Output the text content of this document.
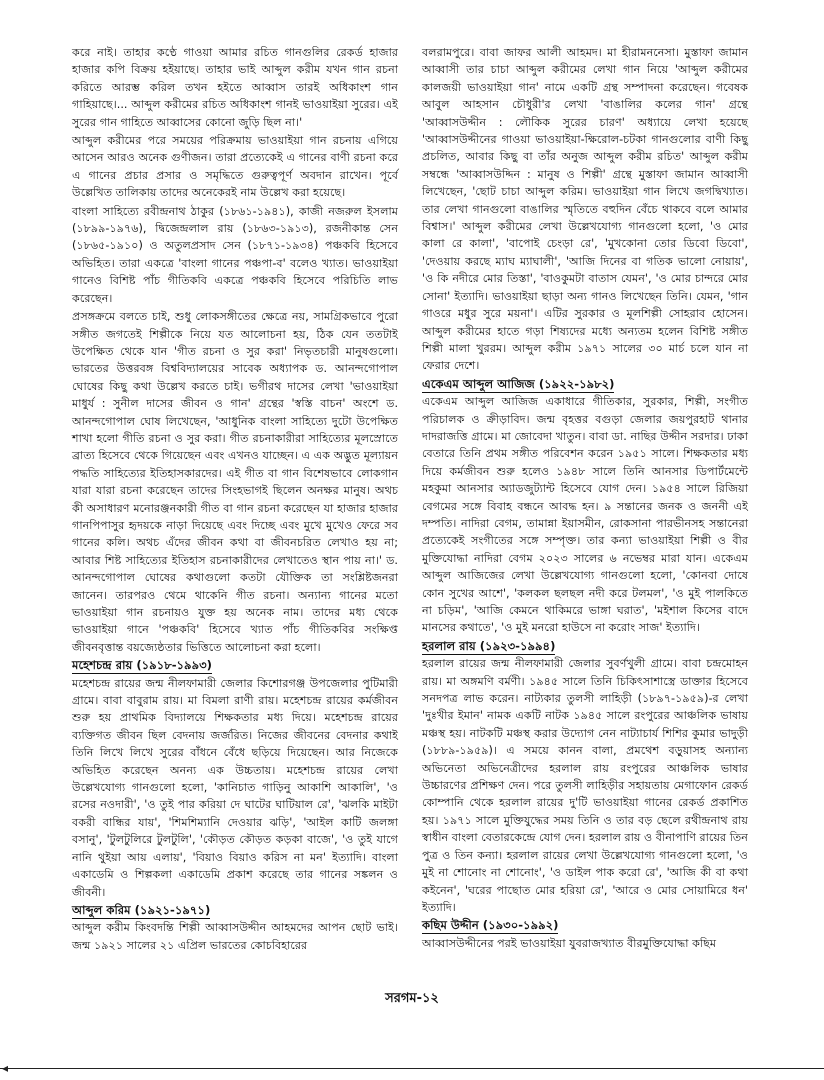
করে নাই। তাহার কণ্ঠে গাওয়া আমার রচিত গানগুলির রেকর্ড হাজার হাজার কপি বিক্রয় হইয়াছে। তাহার ভাই আব্দুল করীম যখন গান রচনা করিতে আরম্ভ করিল তখন হইতে আব্বাস তারই অধিকাংশ গান গাহিয়াছে।... আব্দুল করীমের রচিত অধিকাংশ গানই ভাওয়াইয়া সুরের। এই সুরের গান গাহিতে আব্বাসের কোনো জুড়ি ছিল না।'

আব্দুল করীমের পরে সময়ের পরিক্রমায় ভাওয়াইয়া গান রচনায় এগিয়ে আসেন আরও অনেক গুণীজন। তারা প্রত্যেকেই এ গানের বাণী রচনা করে এ গানের প্রচার প্রসার ও সমৃদ্ধিতে গুরুত্বপূর্ণ অবদান রাখেন। পূর্বে উল্লেখিত তালিকায় তাদের অনেকেরই নাম উল্লেখ করা হয়েছে।

বাংলা সাহিত্যে রবীন্দ্রনাথ ঠাকুর (১৮৬১-১৯৪১), কাজী নজরুল ইসলাম (১৮৯৯-১৯৭৬), দ্বিজেন্দ্রলাল রায় (১৮৬৩-১৯১৩), রজনীকান্ত সেন (১৮৬৫-১৯১০) ও অতুলপ্রসাদ সেন (১৮৭১-১৯৩৪) পঞ্চকবি হিসেবে অভিহিত। তারা একত্রে 'বাংলা গানের পঞ্চপা-ব' বলেও খ্যাত। ভাওয়াইয়া গানেও বিশিষ্ট পাঁচ গীতিকবি একত্রে পঞ্চকবি হিসেবে পরিচিতি লাভ করেছেন।

প্রসঙ্গক্রমে বলতে চাই, শুধু লোকসঙ্গীতের ক্ষেত্রে নয়, সামগ্রিকভাবে পুরো সঙ্গীত জগতেই শিল্পীকে নিয়ে যত আলোচনা হয়, ঠিক যেন ততটাই উপেক্ষিত থেকে যান 'গীত রচনা ও সুর করা' নিভৃতচারী মানুষগুলো। ভারতের উত্তরবঙ্গ বিশ্ববিদ্যালয়ের সাবেক অধ্যাপক ড. আনন্দগোপাল ঘোষের কিছু কথা উল্লেখ করতে চাই। ভগীরথ দাসের লেখা 'ভাওয়াইয়া মাধুর্য : সুনীল দাসের জীবন ও গান' গ্রন্থের 'স্বস্তি বাচন' অংশে ড. আনন্দগোপাল ঘোষ লিখেছেন, 'আধুনিক বাংলা সাহিত্যে দুটো উপেক্ষিত শাখা হলো গীতি রচনা ও সুর করা। গীত রচনাকারীরা সাহিত্যের মূলস্রোতে ব্রাত্য হিসেবে থেকে গিয়েছেন এবং এখনও যাচ্ছেন। এ এক অদ্ভুত মূল্যায়ন পদ্ধতি সাহিত্যের ইতিহাসকারদের। এই গীত বা গান বিশেষভাবে লোকগান যারা যারা রচনা করেছেন তাদের সিংহভাগই ছিলেন অনক্ষর মানুষ। অথচ কী অসাধারণ মনোরঞ্জনকারী গীত বা গান রচনা করেছেন যা হাজার হাজার গানপিপাসুর হৃদয়কে নাড়া দিয়েছে এবং দিচ্ছে এবং মুখে মুখেও ফেরে সব গানের কলি। অথচ এঁদের জীবন কথা বা জীবনচরিত লেখাও হয় না; আবার শিষ্ট সাহিত্যের ইতিহাস রচনাকারীদের লেখাতেও স্থান পায় না।' ড. আনন্দগোপাল ঘোষের কথাগুলো কতটা যৌক্তিক তা সংশ্লিষ্টজনরা জানেন। তারপরও থেমে থাকেনি গীত রচনা। অন্যান্য গানের মতো ভাওয়াইয়া গান রচনায়ও যুক্ত হয় অনেক নাম। তাদের মধ্য থেকে ভাওয়াইয়া গানে 'পঞ্চকবি' হিসেবে খ্যাত পাঁচ গীতিকবির সংক্ষিপ্ত জীবনবৃত্তান্ত বয়জ্যেষ্ঠতার ভিত্তিতে আলোচনা করা হলো।

মহেশচন্দ্র রায় (১৯১৮-১৯৯৩)

মহেশচন্দ্র রায়ের জন্ম নীলফামারী জেলার কিশোরগঞ্জ উপজেলার পুটিমারী গ্রামে। বাবা বাবুরাম রায়। মা বিমলা রাণী রায়। মহেশচন্দ্র রায়ের কর্মজীবন শুরু হয় প্রাথমিক বিদ্যালয়ে শিক্ষকতার মধ্য দিয়ে। মহেশচন্দ্র রায়ের ব্যক্তিগত জীবন ছিল বেদনায় জর্জরিত। নিজের জীবনের বেদনার কথাই তিনি লিখে লিখে সুরের বাঁধনে বেঁধে ছড়িয়ে দিয়েছেন। আর নিজেকে অভিহিত করেছেন অনন্য এক উচ্চতায়। মহেশচন্দ্র রায়ের লেখা উল্লেখযোগ্য গানগুলো হলো, 'কানিচাত গাড়িনু আকাশি আকালি', 'ও রসের নওদারী', 'ও তুই পার করিয়া দে ঘাটের ঘাটিয়াল রে', 'ঝলকি মাইটা বকরী বান্ধির যায়', 'শিমশিম্যানি দেওয়ার ঝড়ি', 'আইল কাটি জলঙ্গা বসানু', 'টুলটুলিরে টুলটুলি', 'কৌড়ত কৌড়ত কড়কা বাজে', 'ও তুই যাগে নানি থুইয়া আয় এলায়', 'বিয়াও বিয়াও করিস না মন' ইত্যাদি। বাংলা একাডেমি ও শিল্পকলা একাডেমি প্রকাশ করেছে তার গানের সঙ্কলন ও জীবনী।

আব্দুল করিম (১৯২১-১৯৭১)

আব্দুল করীম কিংবদন্তি শিল্পী আব্বাসউদ্দীন আহমদের আপন ছোট ভাই। জন্ম ১৯২১ সালের ২১ এপ্রিল ভারতের কোচবিহারের

বলরামপুরে। বাবা জাফর আলী আহমদ। মা হীরামননেসা। মুস্তাফা জামান আব্বাসী তার চাচা আব্দুল করীমের লেখা গান নিয়ে 'আব্দুল করীমের কালজয়ী ভাওয়াইয়া গান' নামে একটি গ্রন্থ সম্পাদনা করেছেন। গবেষক আবুল আহসান চৌধুরী'র লেখা 'বাঙালির কলের গান' গ্রন্থে 'আব্বাসউদ্দীন : লৌকিক সুরের চারণ' অধ্যায়ে লেখা হয়েছে 'আব্বাসউদ্দীনের গাওয়া ভাওয়াইয়া-ক্ষিরোল-চটকা গানগুলোর বাণী কিছু প্রচলিত, আবার কিছু বা তাঁর অনুজ আব্দুল করীম রচিত' আব্দুল করীম সম্বন্ধে 'আব্বাসউদ্দিন : মানুষ ও শিল্পী' গ্রন্থে মুস্তাফা জামান আব্বাসী লিখেছেন, 'ছোট চাচা আব্দুল করিম। ভাওয়াইয়া গান লিখে জগদ্বিখ্যাত। তার লেখা গানগুলো বাঙালির স্মৃতিতে বহুদিন বেঁচে থাকবে বলে আমার বিশ্বাস।' আব্দুল করীমের লেখা উল্লেখযোগ্য গানগুলো হলো, 'ও মোর কালা রে কালা', 'বাপোই চেংড়া রে', 'মুখকোনা তোর ডিবো ডিবো', 'দেওয়ায় করছে ম্যাঘ ম্যাঘালী', 'আজি দিনের বা গতিক ভালো নোয়ায়', 'ও কি নদীরে মোর তিস্তা', 'বাওকুমটা বাতাস যেমন', 'ও মোর চান্দরে মোর সোনা' ইত্যাদি। ভাওয়াইয়া ছাড়া অন্য গানও লিখেছেন তিনি। যেমন, 'গান গাওরে মধুর সুরে ময়না'। এটির সুরকার ও মূলশিল্পী সোহরাব হোসেন। আব্দুল করীমের হাতে গড়া শিষ্যদের মধ্যে অন্যতম হলেন বিশিষ্ট সঙ্গীত শিল্পী মালা খুররম। আব্দুল করীম ১৯৭১ সালের ৩০ মার্চ চলে যান না ফেরার দেশে।

একেএম আব্দুল আজিজ (১৯২২-১৯৮২)

একেএম আব্দুল আজিজ একাধারে গীতিকার, সুরকার, শিল্পী, সংগীত পরিচালক ও ক্রীড়াবিদ। জন্ম বৃহত্তর বগুড়া জেলার জয়পুরহাট থানার দাদরাজত্তি গ্রামে। মা জোবেদা খাতুন। বাবা ডা. নাছির উদ্দীন সরদার। ঢাকা বেতারে তিনি প্রথম সঙ্গীত পরিবেশন করেন ১৯৫১ সালে। শিক্ষকতার মধ্য দিয়ে কর্মজীবন শুরু হলেও ১৯৪৮ সালে তিনি আনসার ডিপার্টমেন্টে মহকুমা আনসার অ্যাডজুট্যান্ট হিসেবে যোগ দেন। ১৯৫৪ সালে রিজিয়া বেগমের সঙ্গে বিবাহ বন্ধনে আবদ্ধ হন। ৯ সন্তানের জনক ও জননী এই দম্পতি। নাদিরা বেগম, তামান্না ইয়াসমীন, রোকসানা পারভীনসহ সন্তানেরা প্রত্যেকেই সংগীতের সঙ্গে সম্পৃক্ত। তার কন্যা ভাওয়াইয়া শিল্পী ও বীর মুক্তিযোদ্ধা নাদিরা বেগম ২০২৩ সালের ৬ নভেম্বর মারা যান। একেএম আব্দুল আজিজের লেখা উল্লেখযোগ্য গানগুলো হলো, 'কোনবা দোষে কোন সুখের আশে', 'কলকল ছলছল নদী করে টলমল', 'ও মুই পালকিতে না চড়িম', 'আজি কেমনে থাকিমরে ভাঙ্গা ঘরাত', 'মইশাল কিসের বাদে মানসের কথাতে', 'ও মুই মনরো হাউসে না করোং সাজ' ইত্যাদি।

হরলাল রায় (১৯২৩-১৯৯৪)

হরলাল রায়ের জন্ম নীলফামারী জেলার সুবর্ণখুলী গ্রামে। বাবা চন্দ্রমোহন রায়। মা অঙ্গমণি বর্মণী। ১৯৪৫ সালে তিনি চিকিৎসাশাস্ত্রে ডাক্তার হিসেবে সনদপত্র লাভ করেন। নাট্যকার তুলসী লাহিড়ী (১৮৯৭-১৯৫৯)-র লেখা 'দুঃখীর ইমান' নামক একটি নাটক ১৯৪৫ সালে রংপুরের আঞ্চলিক ভাষায় মঞ্চস্থ হয়। নাটকটি মঞ্চস্থ করার উদ্যোগ নেন নাট্যাচার্য শিশির কুমার ভাদুড়ী (১৮৮৯-১৯৫৯)। এ সময়ে কানন বালা, প্রমথেশ বড়ুয়াসহ অন্যান্য অভিনেতা অভিনেত্রীদের হরলাল রায় রংপুরের আঞ্চলিক ভাষার উচ্চারণের প্রশিক্ষণ দেন। পরে তুলসী লাহিড়ীর সহায়তায় মেগাফোন রেকর্ড কোম্পানি থেকে হরলাল রায়ের দু'টি ভাওয়াইয়া গানের রেকর্ড প্রকাশিত হয়। ১৯৭১ সালে মুক্তিযুদ্ধের সময় তিনি ও তার বড় ছেলে রথীন্দ্রনাথ রায় স্বাধীন বাংলা বেতারকেন্দ্রে যোগ দেন। হরলাল রায় ও বীনাপাণি রায়ের তিন পুত্র ও তিন কন্যা। হরলাল রায়ের লেখা উল্লেখযোগ্য গানগুলো হলো, 'ও মুই না শোনোং না শোনোং', 'ও ডাইল পাক করো রে', 'আজি কী বা কথা কইনেন', 'ঘরের পাছোত মোর হরিয়া রে', 'আরে ও মোর সোয়ামিরে ধন' ইত্যাদি।

কছিম উদ্দীন (১৯৩০-১৯৯২)

আব্বাসউদ্দীনের পরই ভাওয়াইয়া যুবরাজখ্যাত বীরমুক্তিযোদ্ধা কছিম

সরগম-১২
